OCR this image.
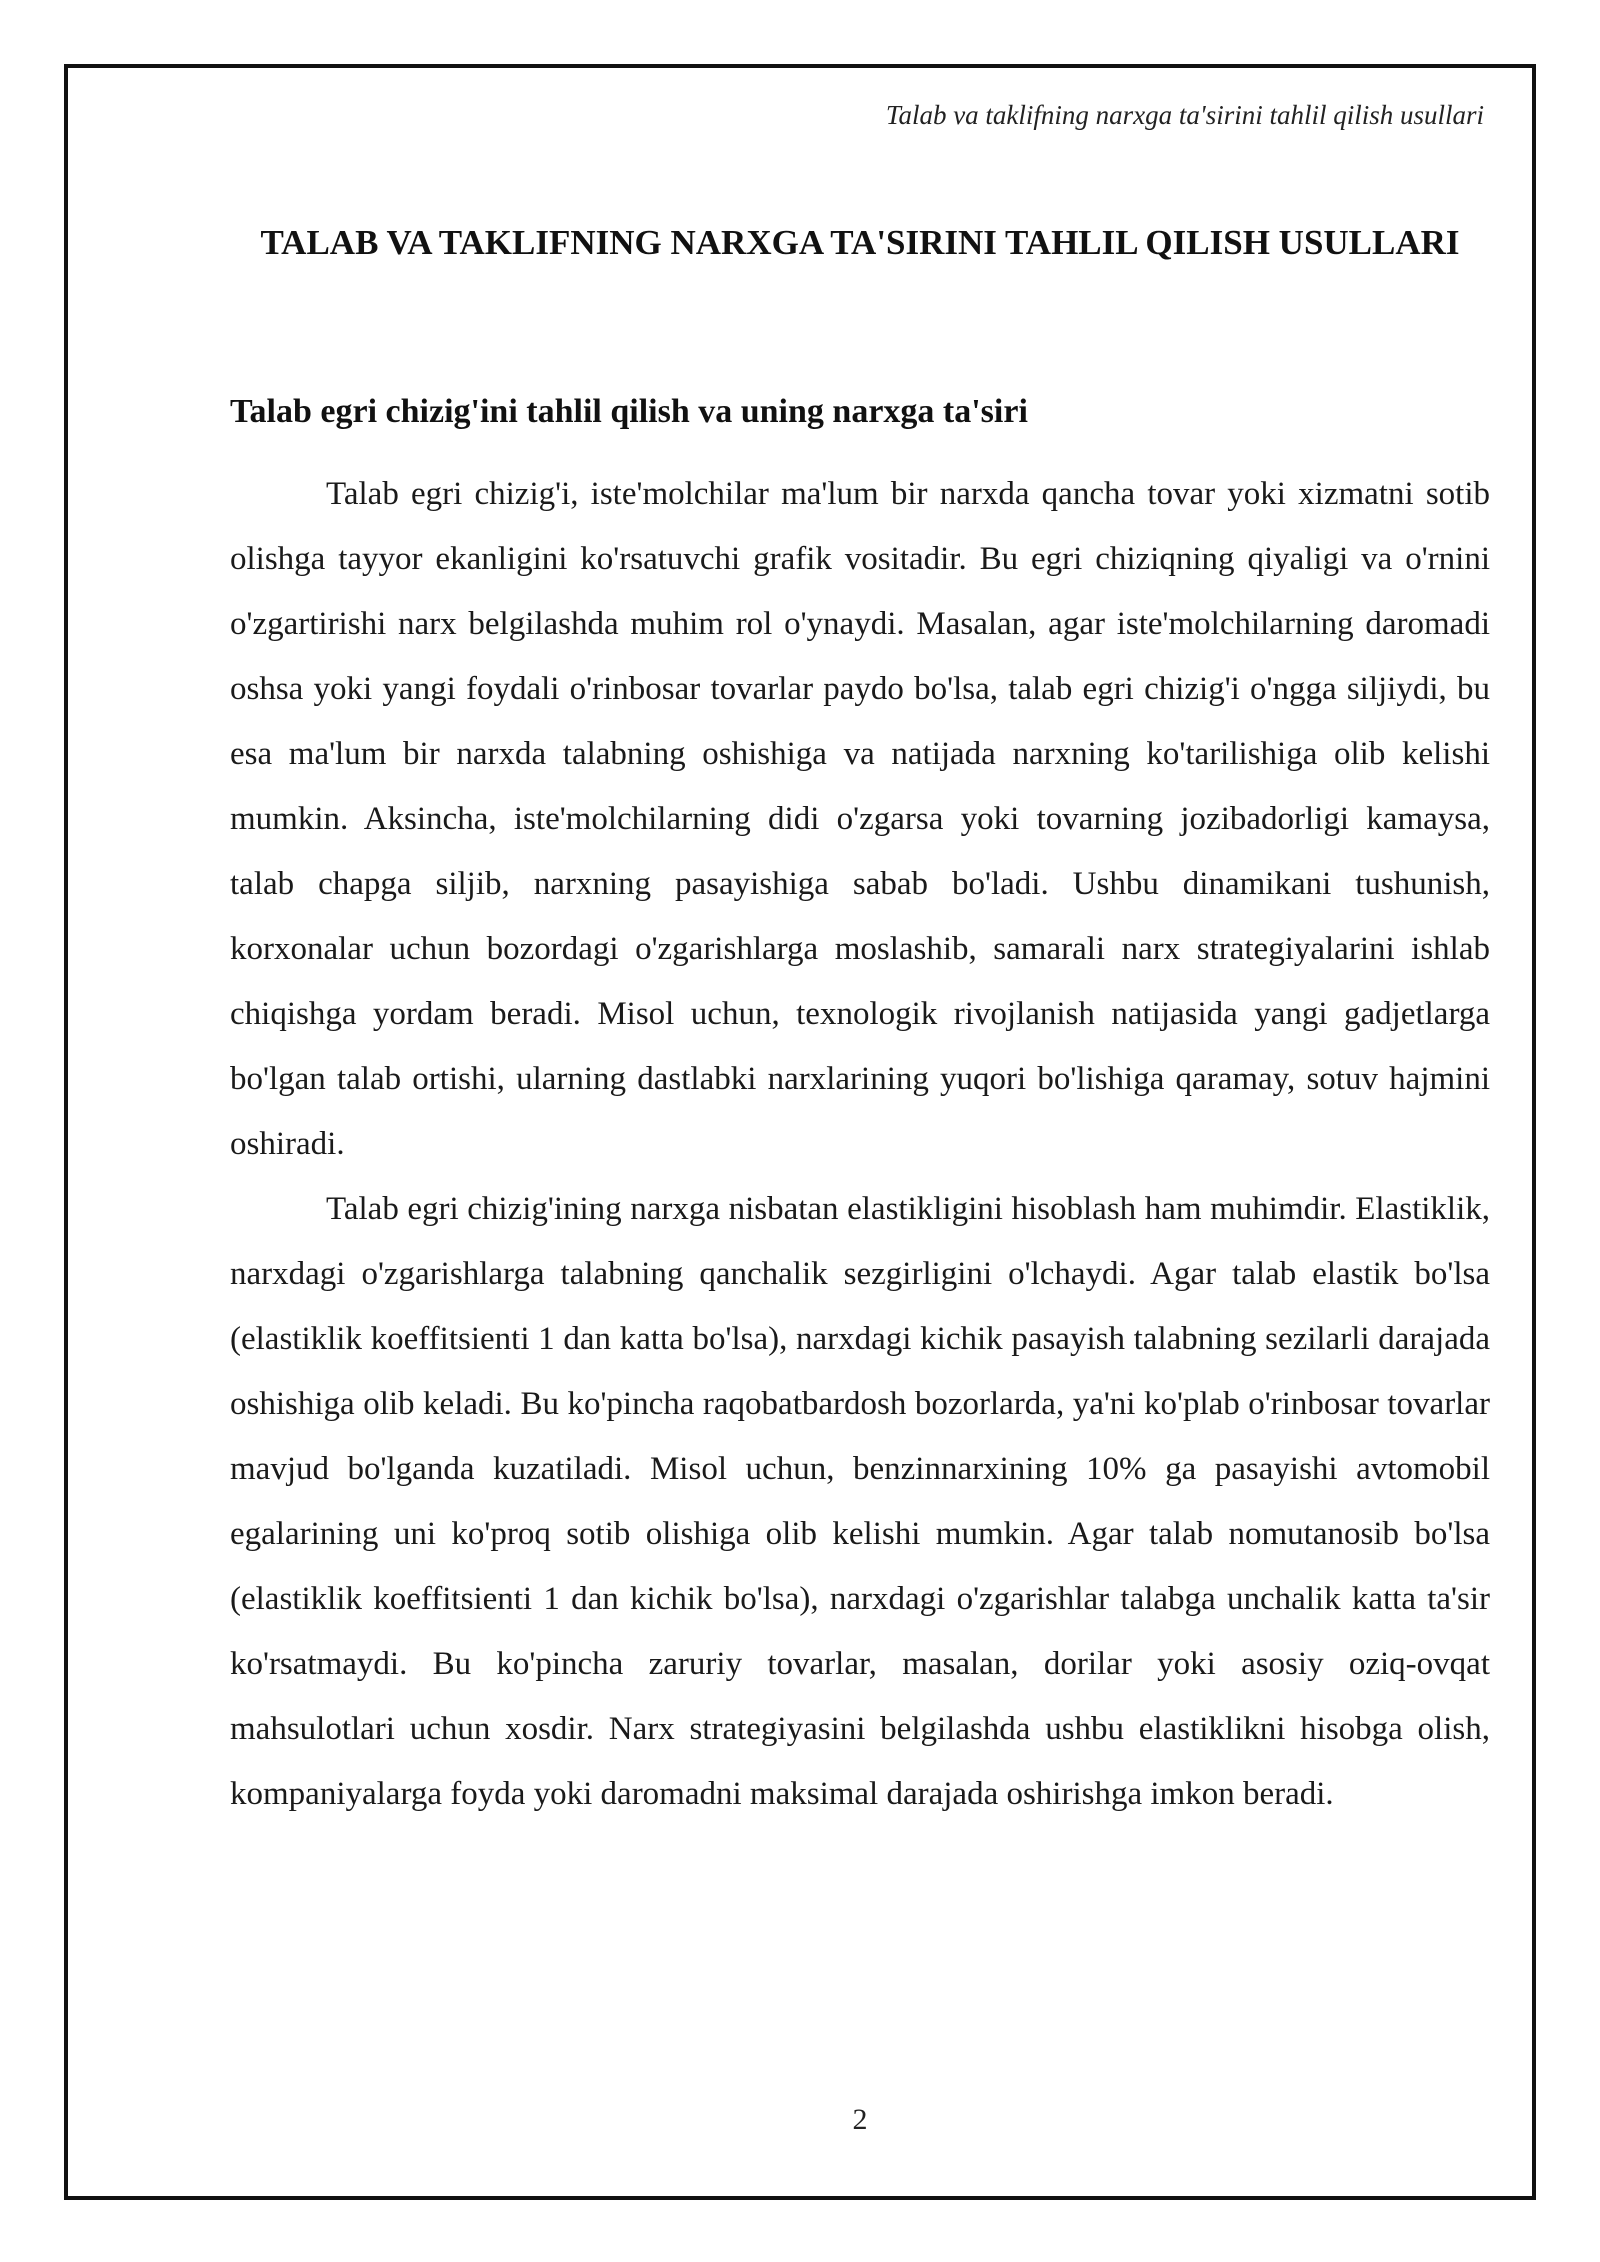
Talab va taklifning narxga ta'sirini tahlil qilish usullari
TALAB VA TAKLIFNING NARXGA TA'SIRINI TAHLIL QILISH USULLARI
Talab egri chizig'ini tahlil qilish va uning narxga ta'siri

Talab egri chizig'i, iste'molchilar ma'lum bir narxda qancha tovar yoki xizmatni sotib olishga tayyor ekanligini ko'rsatuvchi grafik vositadir. Bu egri chiziqning qiyaligi va o'rnini o'zgartirishi narx belgilashda muhim rol o'ynaydi. Masalan, agar iste'molchilarning daromadi oshsa yoki yangi foydali o'rinbosar tovarlar paydo bo'lsa, talab egri chizig'i o'ngga siljiydi, bu esa ma'lum bir narxda talabning oshishiga va natijada narxning ko'tarilishiga olib kelishi mumkin. Aksincha, iste'molchilarning didi o'zgarsa yoki tovarning jozibadorligi kamaysa, talab chapga siljib, narxning pasayishiga sabab bo'ladi. Ushbu dinamikani tushunish, korxonalar uchun bozordagi o'zgarishlarga moslashib, samarali narx strategiyalarini ishlab chiqishga yordam beradi. Misol uchun, texnologik rivojlanish natijasida yangi gadjetlarga bo'lgan talab ortishi, ularning dastlabki narxlarining yuqori bo'lishiga qaramay, sotuv hajmini oshiradi.

Talab egri chizig'ining narxga nisbatan elastikligini hisoblash ham muhimdir. Elastiklik, narxdagi o'zgarishlarga talabning qanchalik sezgirligini o'lchaydi. Agar talab elastik bo'lsa (elastiklik koeffitsienti 1 dan katta bo'lsa), narxdagi kichik pasayish talabning sezilarli darajada oshishiga olib keladi. Bu ko'pincha raqobatbardosh bozorlarda, ya'ni ko'plab o'rinbosar tovarlar mavjud bo'lganda kuzatiladi. Misol uchun, benzinnarxining 10% ga pasayishi avtomobil egalarining uni ko'proq sotib olishiga olib kelishi mumkin. Agar talab nomutanosib bo'lsa (elastiklik koeffitsienti 1 dan kichik bo'lsa), narxdagi o'zgarishlar talabga unchalik katta ta'sir ko'rsatmaydi. Bu ko'pincha zaruriy tovarlar, masalan, dorilar yoki asosiy oziq-ovqat mahsulotlari uchun xosdir. Narx strategiyasini belgilashda ushbu elastiklikni hisobga olish, kompaniyalarga foyda yoki daromadni maksimal darajada oshirishga imkon beradi.

2
